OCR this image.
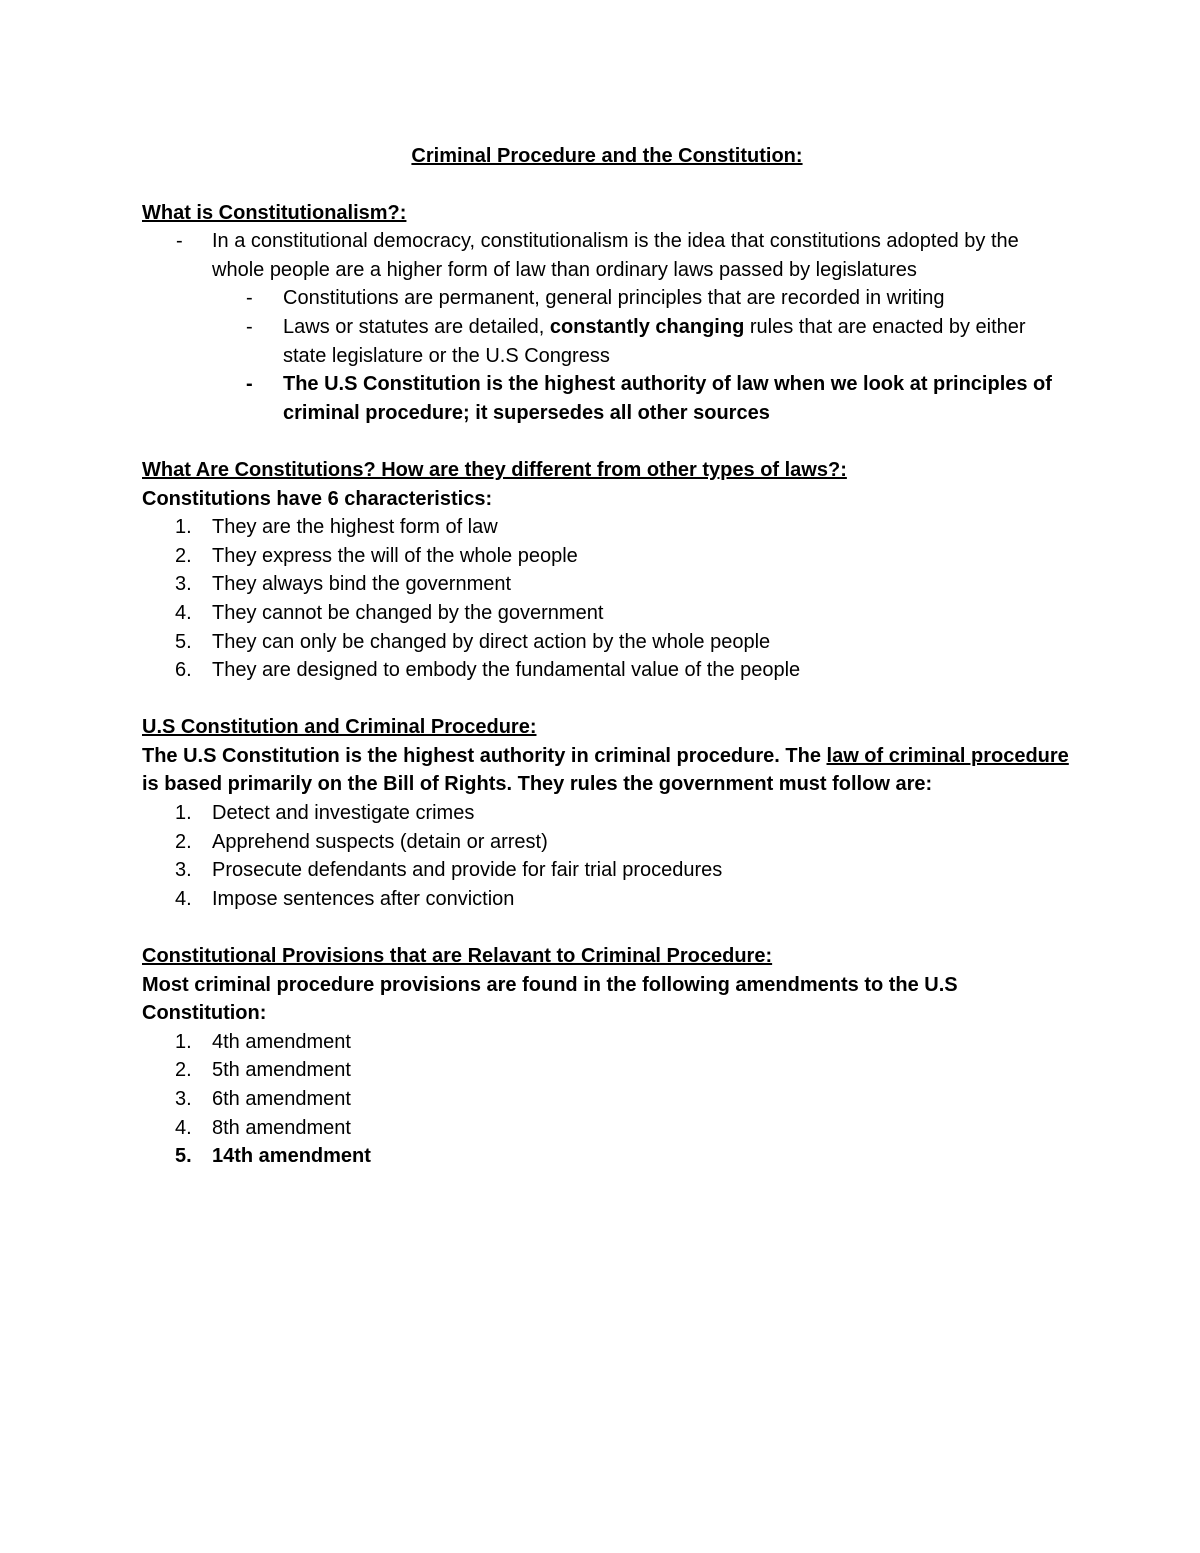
Criminal Procedure and the Constitution:
What is Constitutionalism?:
- In a constitutional democracy, constitutionalism is the idea that constitutions adopted by the whole people are a higher form of law than ordinary laws passed by legislatures
- Constitutions are permanent, general principles that are recorded in writing
- Laws or statutes are detailed, constantly changing rules that are enacted by either state legislature or the U.S Congress
- The U.S Constitution is the highest authority of law when we look at principles of criminal procedure; it supersedes all other sources
What Are Constitutions? How are they different from other types of laws?:
Constitutions have 6 characteristics:
1. They are the highest form of law
2. They express the will of the whole people
3. They always bind the government
4. They cannot be changed by the government
5. They can only be changed by direct action by the whole people
6. They are designed to embody the fundamental value of the people
U.S Constitution and Criminal Procedure:
The U.S Constitution is the highest authority in criminal procedure. The law of criminal procedure is based primarily on the Bill of Rights. They rules the government must follow are:
1. Detect and investigate crimes
2. Apprehend suspects (detain or arrest)
3. Prosecute defendants and provide for fair trial procedures
4. Impose sentences after conviction
Constitutional Provisions that are Relavant to Criminal Procedure:
Most criminal procedure provisions are found in the following amendments to the U.S Constitution:
1. 4th amendment
2. 5th amendment
3. 6th amendment
4. 8th amendment
5. 14th amendment
